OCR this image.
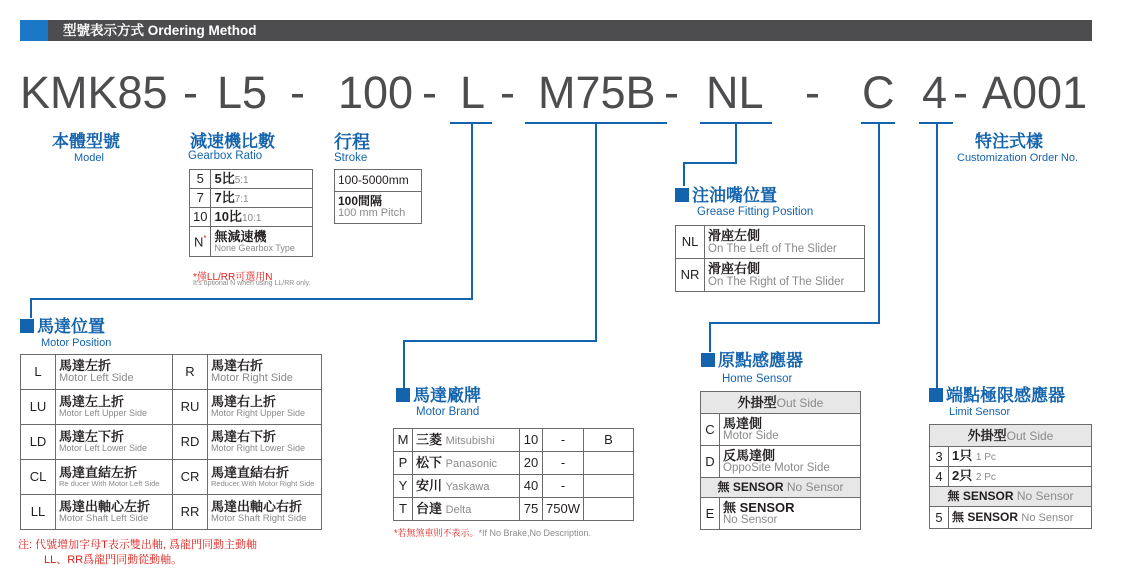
型號表示方式 Ordering Method
KMK85 - L5 - 100 - L - M75B - NL - C 4 - A001
本體型號
Model
減速機比數
Gearbox Ratio
5	5比5:1
7	7比7:1
10	10比10:1
N*	無減速機
None Gearbox Type
*僅LL/RR可選用N
It's optional N when using LL/RR only.
行程
Stroke
100-5000mm

100間隔
100 mm Pitch
注油嘴位置
Grease Fitting Position
NL	滑座左側
On The Left of The Slider

NR	滑座右側
On The Right of The Slider
特注式樣
Customization Order No.
馬達位置
Motor Position
L	馬達左折
Motor Left Side	R	馬達右折
Motor Right Side

LU	馬達左上折
Motor Left Upper Side	RU	馬達右上折
Motor Right Upper Side

LD	馬達左下折
Motor Left Lower Side	RD	馬達右下折
Motor Right Lower Side

CL	馬達直結左折
Re ducer With Motor Left Side	CR	馬達直結右折
Reducer With Motor Right Side

LL	馬達出軸心左折
Motor Shaft Left Side	RR	馬達出軸心右折
Motor Shaft Right Side
注: 代號增加字母T表示雙出軸, 爲龍門同動主動軸
LL、RR爲龍門同動從動軸。
馬達廠牌
Motor Brand
M	三菱 Mitsubishi	10	-	B
P	松下 Panasonic	20	-	
Y	安川 Yaskawa	40	-	
T	台達 Delta	75	750W	
*若無煞車則不表示。*If No Brake,No Description.
原點感應器
Home Sensor
外掛型Out Side	
C	馬達側
Motor Side

D	反馬達側
OppoSite Motor Side

無 SENSOR No Sensor	
E	無 SENSOR
No Sensor
端點極限感應器
Limit Sensor
外掛型Out Side	
3	1只 1 Pc
4	2只 2 Pc
無 SENSOR No Sensor	
5	無 SENSOR No Sensor
